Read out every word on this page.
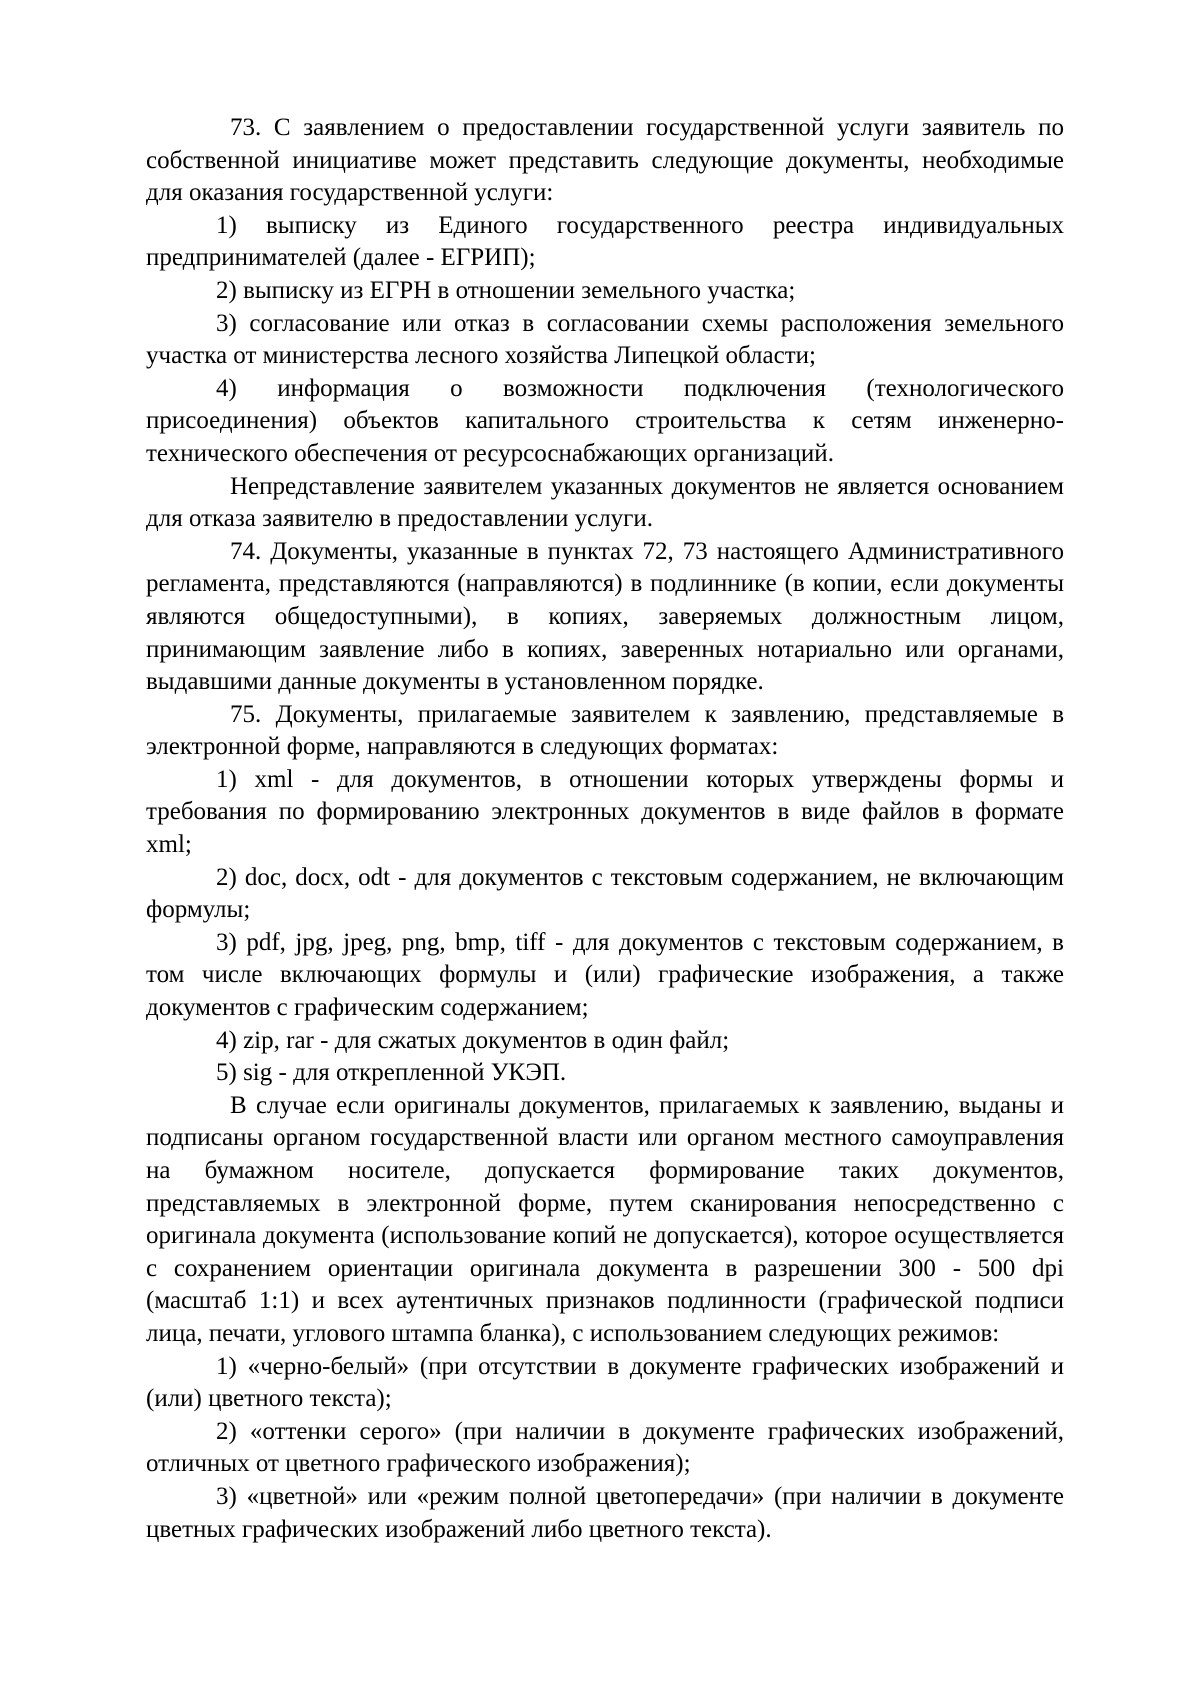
73. С заявлением о предоставлении государственной услуги заявитель по собственной инициативе может представить следующие документы, необходимые для оказания государственной услуги:

1) выписку из Единого государственного реестра индивидуальных предпринимателей (далее - ЕГРИП);

2) выписку из ЕГРН в отношении земельного участка;

3) согласование или отказ в согласовании схемы расположения земельного участка от министерства лесного хозяйства Липецкой области;

4) информация о возможности подключения (технологического присоединения) объектов капитального строительства к сетям инженерно-технического обеспечения от ресурсоснабжающих организаций.

Непредставление заявителем указанных документов не является основанием для отказа заявителю в предоставлении услуги.

74. Документы, указанные в пунктах 72, 73 настоящего Административного регламента, представляются (направляются) в подлиннике (в копии, если документы являются общедоступными), в копиях, заверяемых должностным лицом, принимающим заявление либо в копиях, заверенных нотариально или органами, выдавшими данные документы в установленном порядке.

75. Документы, прилагаемые заявителем к заявлению, представляемые в электронной форме, направляются в следующих форматах:

1) xml - для документов, в отношении которых утверждены формы и требования по формированию электронных документов в виде файлов в формате xml;

2) doc, docx, odt - для документов с текстовым содержанием, не включающим формулы;

3) pdf, jpg, jpeg, png, bmp, tiff - для документов с текстовым содержанием, в том числе включающих формулы и (или) графические изображения, а также документов с графическим содержанием;

4) zip, rar - для сжатых документов в один файл;

5) sig - для открепленной УКЭП.

В случае если оригиналы документов, прилагаемых к заявлению, выданы и подписаны органом государственной власти или органом местного самоуправления на бумажном носителе, допускается формирование таких документов, представляемых в электронной форме, путем сканирования непосредственно с оригинала документа (использование копий не допускается), которое осуществляется с сохранением ориентации оригинала документа в разрешении 300 - 500 dpi (масштаб 1:1) и всех аутентичных признаков подлинности (графической подписи лица, печати, углового штампа бланка), с использованием следующих режимов:

1) «черно-белый» (при отсутствии в документе графических изображений и (или) цветного текста);

2) «оттенки серого» (при наличии в документе графических изображений, отличных от цветного графического изображения);

3) «цветной» или «режим полной цветопередачи» (при наличии в документе цветных графических изображений либо цветного текста).
